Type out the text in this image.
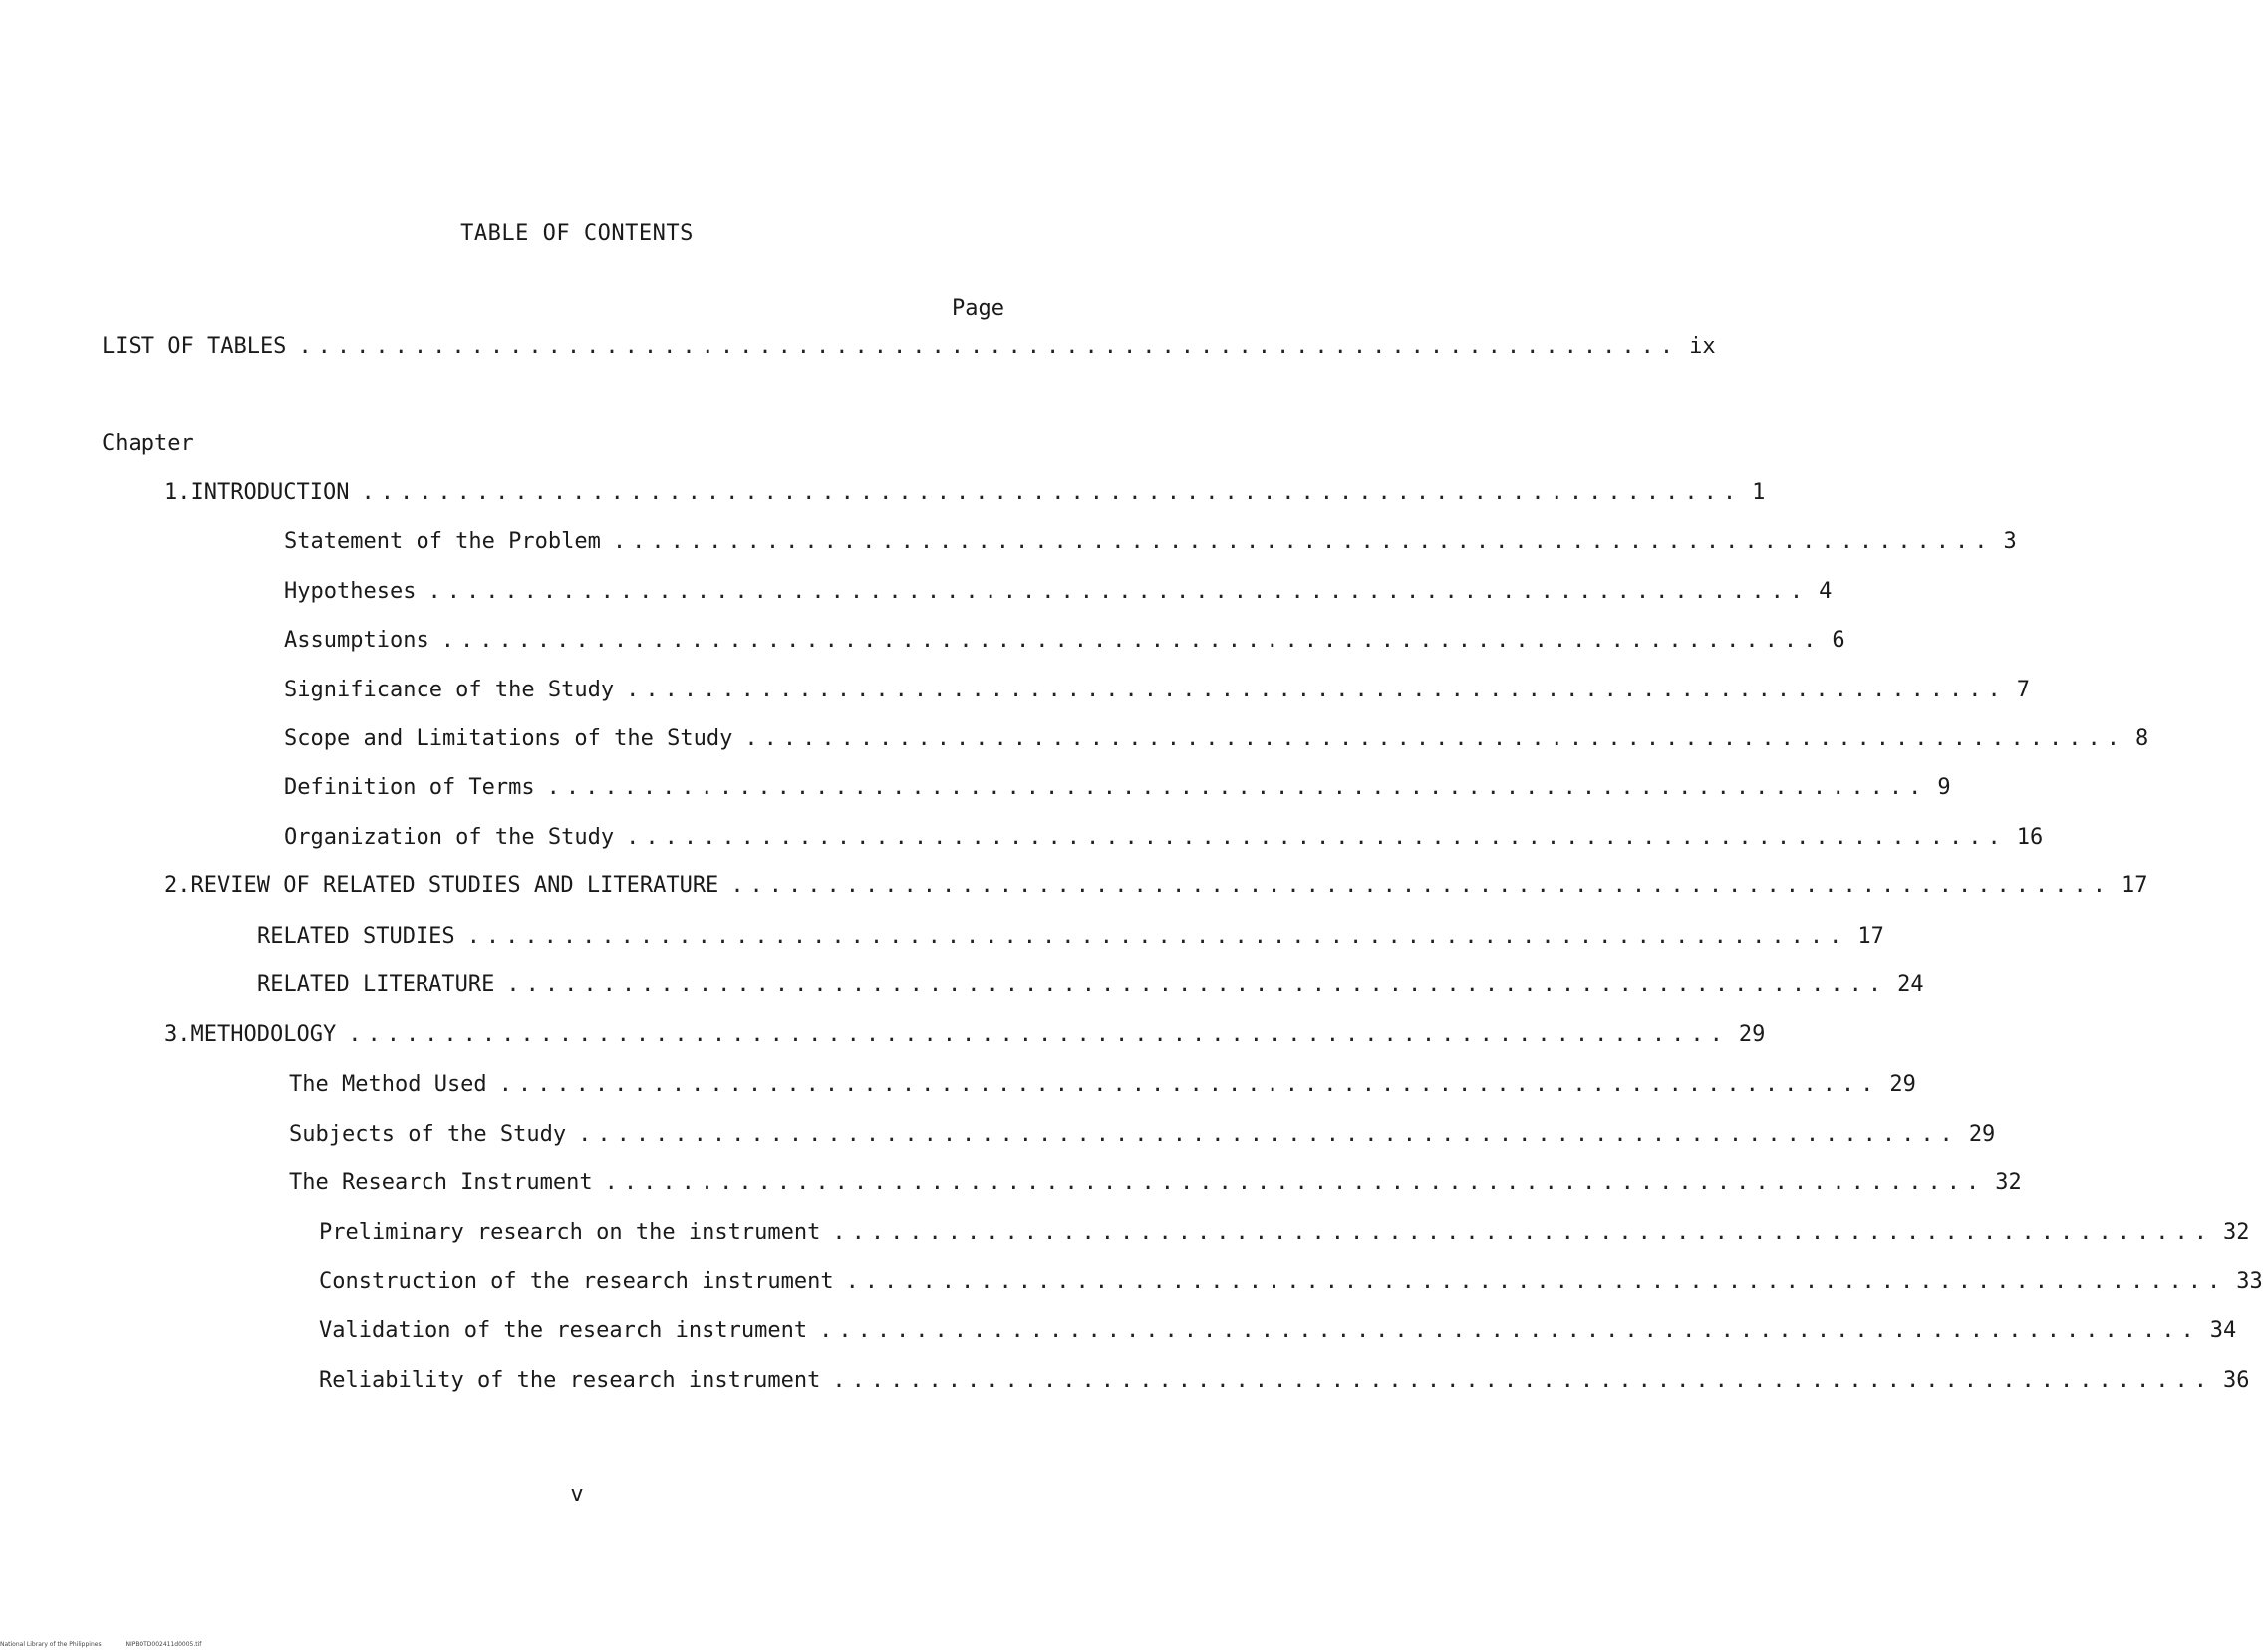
TABLE OF CONTENTS
Page
LIST OF TABLES ........................................................................ ix
Chapter
1. INTRODUCTION ........................................................................ 1
Statement of the Problem ........................................................................ 3
Hypotheses ........................................................................ 4
Assumptions ........................................................................ 6
Significance of the Study ........................................................................ 7
Scope and Limitations of the Study ........................................................................ 8
Definition of Terms ........................................................................ 9
Organization of the Study ........................................................................ 16
2. REVIEW OF RELATED STUDIES AND LITERATURE ........................................................................ 17
RELATED STUDIES ........................................................................ 17
RELATED LITERATURE ........................................................................ 24
3. METHODOLOGY ........................................................................ 29
The Method Used ........................................................................ 29
Subjects of the Study ........................................................................ 29
The Research Instrument ........................................................................ 32
Preliminary research on the instrument ........................................................................ 32
Construction of the research instrument ........................................................................ 33
Validation of the research instrument ........................................................................ 34
Reliability of the research instrument ........................................................................ 36
v
National Library of the Philippines	NIPBOTD002411d0005.tif
